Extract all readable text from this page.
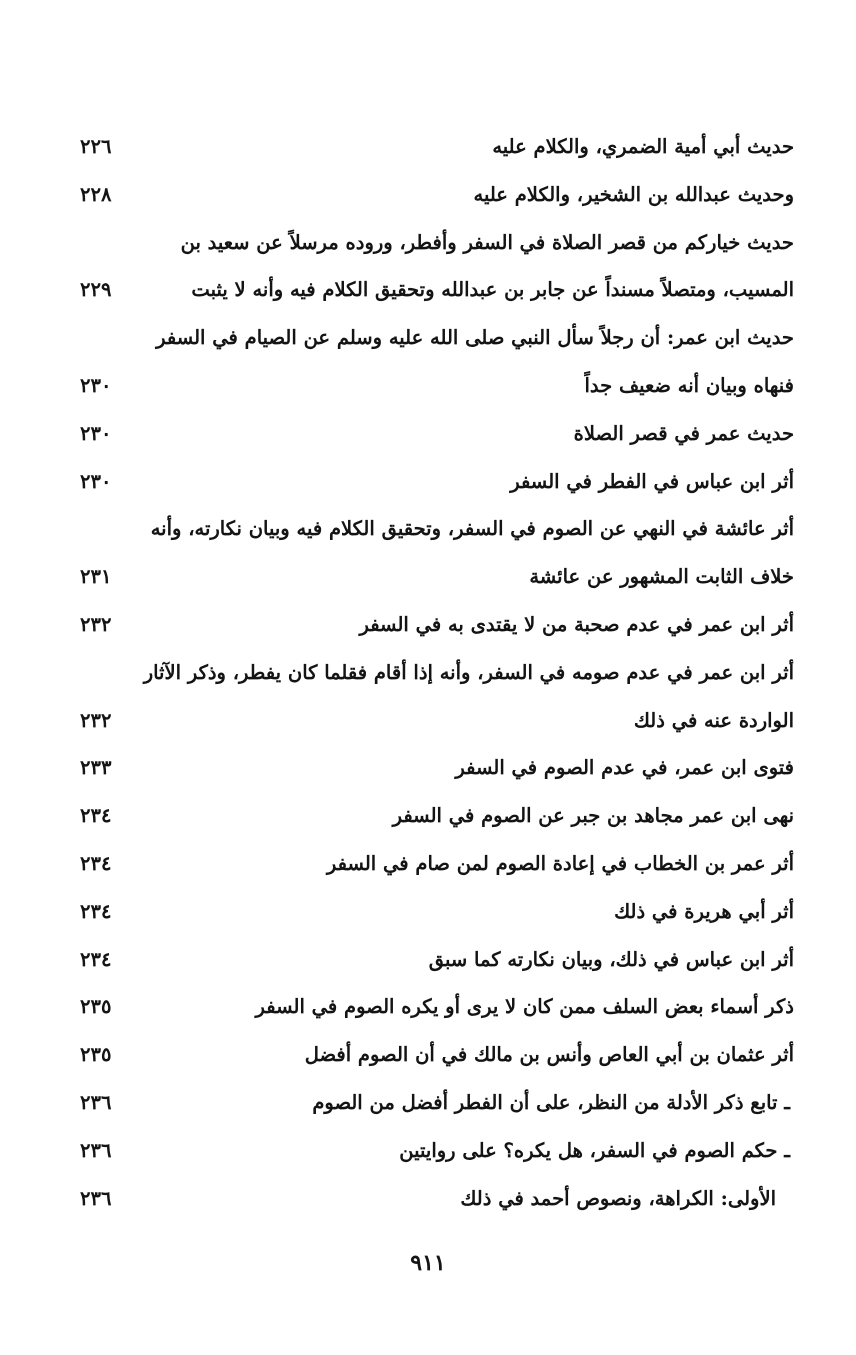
حديث أبي أمية الضمري، والكلام عليه
٢٢٦
وحديث عبدالله بن الشخير، والكلام عليه
٢٢٨
حديث خياركم من قصر الصلاة في السفر وأفطر، وروده مرسلاً عن سعيد بن
المسيب، ومتصلاً مسنداً عن جابر بن عبدالله وتحقيق الكلام فيه وأنه لا يثبت
٢٢٩
حديث ابن عمر: أن رجلاً سأل النبي صلى الله عليه وسلم عن الصيام في السفر
فنهاه وبيان أنه ضعيف جداً
٢٣٠
حديث عمر في قصر الصلاة
٢٣٠
أثر ابن عباس في الفطر في السفر
٢٣٠
أثر عائشة في النهي عن الصوم في السفر، وتحقيق الكلام فيه وبيان نكارته، وأنه
خلاف الثابت المشهور عن عائشة
٢٣١
أثر ابن عمر في عدم صحبة من لا يقتدى به في السفر
٢٣٢
أثر ابن عمر في عدم صومه في السفر، وأنه إذا أقام فقلما كان يفطر، وذكر الآثار
الواردة عنه في ذلك
٢٣٢
فتوى ابن عمر، في عدم الصوم في السفر
٢٣٣
نهى ابن عمر مجاهد بن جبر عن الصوم في السفر
٢٣٤
أثر عمر بن الخطاب في إعادة الصوم لمن صام في السفر
٢٣٤
أثر أبي هريرة في ذلك
٢٣٤
أثر ابن عباس في ذلك، وبيان نكارته كما سبق
٢٣٤
ذكر أسماء بعض السلف ممن كان لا يرى أو يكره الصوم في السفر
٢٣٥
أثر عثمان بن أبي العاص وأنس بن مالك في أن الصوم أفضل
٢٣٥
ـ تابع ذكر الأدلة من النظر، على أن الفطر أفضل من الصوم
٢٣٦
ـ حكم الصوم في السفر، هل يكره؟ على روايتين
٢٣٦
الأولى: الكراهة، ونصوص أحمد في ذلك
٢٣٦
٩١١
